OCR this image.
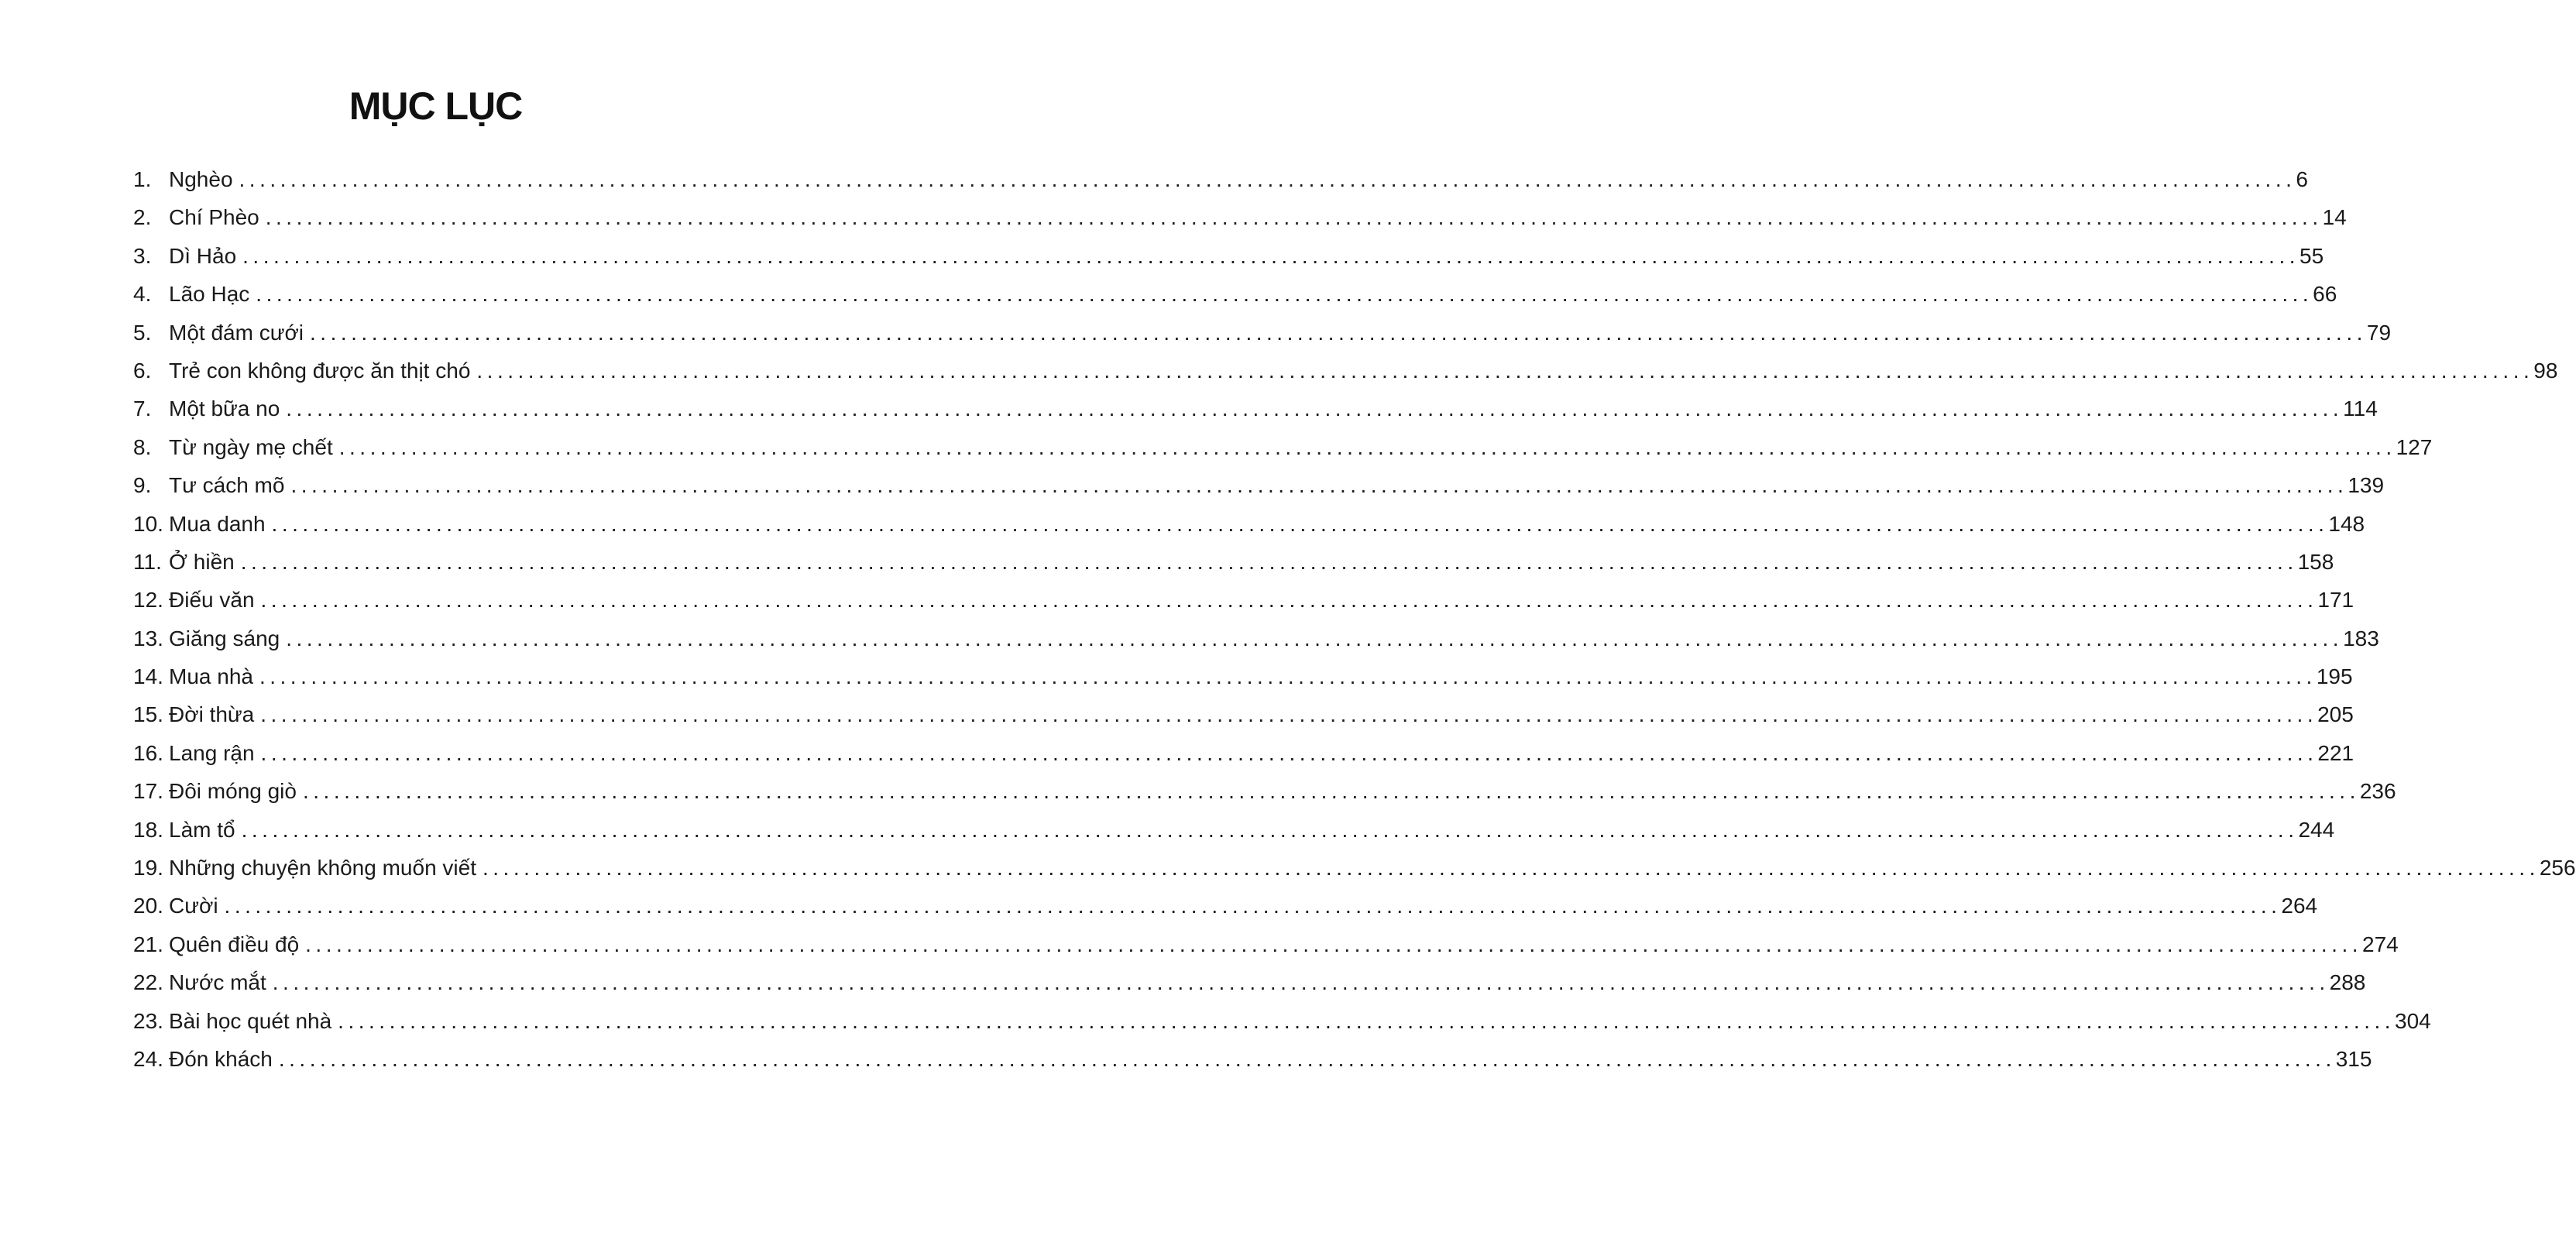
MỤC LỤC
1. Nghèo ........................................................................................................................................................................................................ 6
2. Chí Phèo ........................................................................................................................................................................................................ 14
3. Dì Hảo ........................................................................................................................................................................................................ 55
4. Lão Hạc ........................................................................................................................................................................................................ 66
5. Một đám cưới ........................................................................................................................................................................................................ 79
6. Trẻ con không được ăn thịt chó ........................................................................................................................................................................................................ 98
7. Một bữa no ........................................................................................................................................................................................................ 114
8. Từ ngày mẹ chết ........................................................................................................................................................................................................ 127
9. Tư cách mõ ........................................................................................................................................................................................................ 139
10. Mua danh ........................................................................................................................................................................................................ 148
11. Ở hiền ........................................................................................................................................................................................................ 158
12. Điếu văn ........................................................................................................................................................................................................ 171
13. Giăng sáng ........................................................................................................................................................................................................ 183
14. Mua nhà ........................................................................................................................................................................................................ 195
15. Đời thừa ........................................................................................................................................................................................................ 205
16. Lang rận ........................................................................................................................................................................................................ 221
17. Đôi móng giò ........................................................................................................................................................................................................ 236
18. Làm tổ ........................................................................................................................................................................................................ 244
19. Những chuyện không muốn viết ........................................................................................................................................................................................................ 256
20. Cười ........................................................................................................................................................................................................ 264
21. Quên điều độ ........................................................................................................................................................................................................ 274
22. Nước mắt ........................................................................................................................................................................................................ 288
23. Bài học quét nhà ........................................................................................................................................................................................................ 304
24. Đón khách ........................................................................................................................................................................................................ 315
